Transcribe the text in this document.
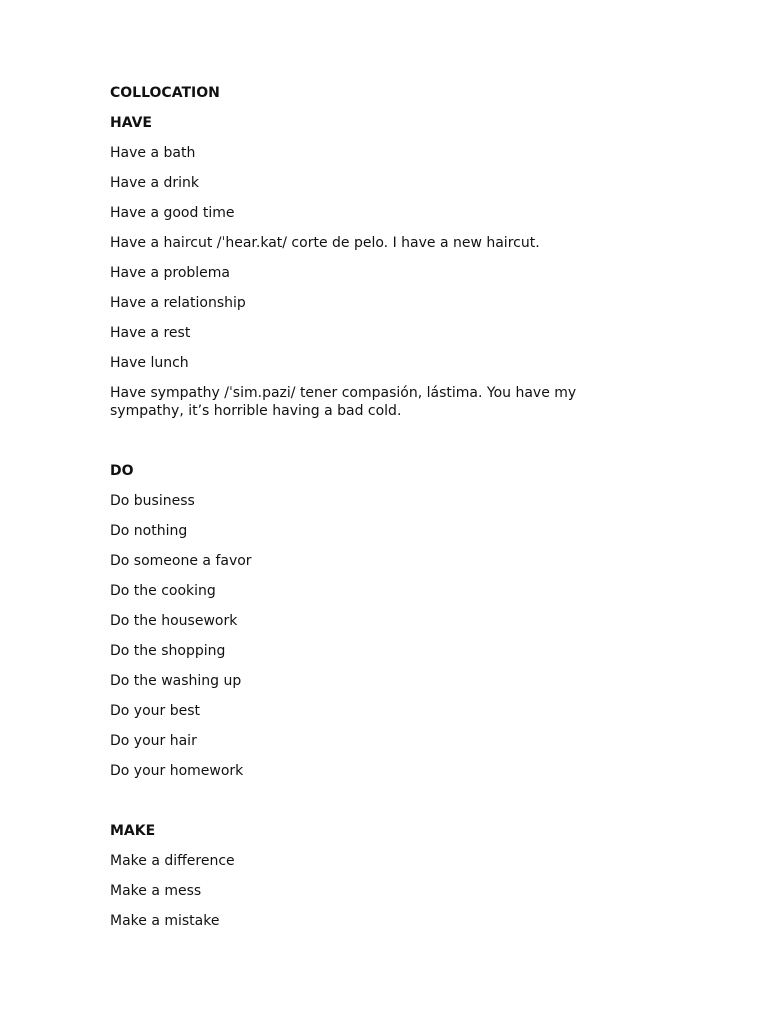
COLLOCATION
HAVE
Have a bath
Have a drink
Have a good time
Have a haircut /ˈhear.kat/ corte de pelo. I have a new haircut.
Have a problema
Have a relationship
Have a rest
Have lunch
Have sympathy /ˈsim.pazi/ tener compasión, lástima. You have my sympathy, it’s horrible having a bad cold.
DO
Do business
Do nothing
Do someone a favor
Do the cooking
Do the housework
Do the shopping
Do the washing up
Do your best
Do your hair
Do your homework
MAKE
Make a difference
Make a mess
Make a mistake
